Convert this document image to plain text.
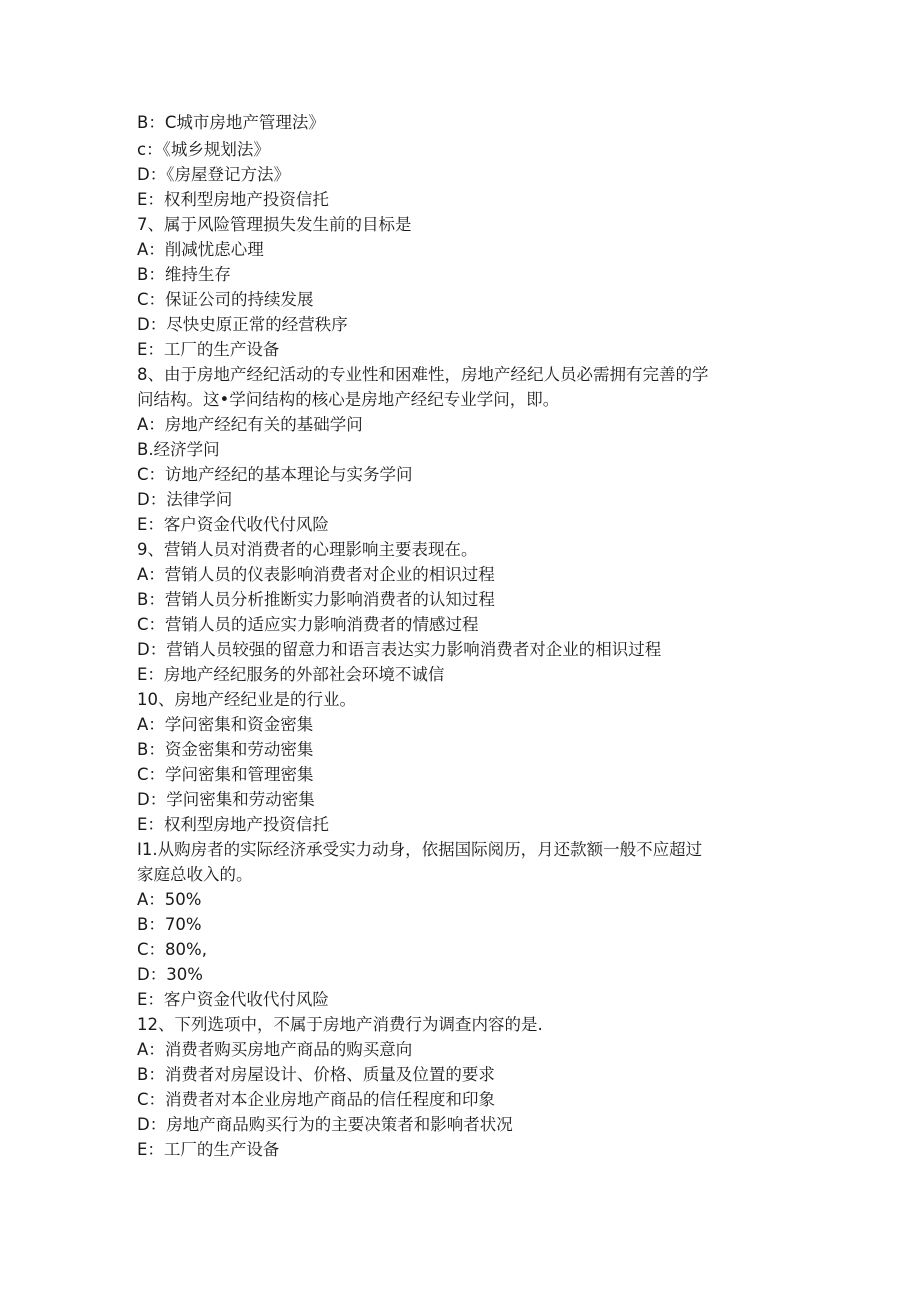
B：C城市房地产管理法》
c：《城乡规划法》
D：《房屋登记方法》
E：权利型房地产投资信托
7、属于风险管理损失发生前的目标是
A：削减忧虑心理
B：维持生存
C：保证公司的持续发展
D：尽快史原正常的经营秩序
E：工厂的生产设备
8、由于房地产经纪活动的专业性和困难性，房地产经纪人员必需拥有完善的学
问结构。这•学问结构的核心是房地产经纪专业学问，即。
A：房地产经纪有关的基础学问
B.经济学问
C：访地产经纪的基本理论与实务学问
D：法律学问
E：客户资金代收代付风险
9、营销人员对消费者的心理影响主要表现在。
A：营销人员的仪表影响消费者对企业的相识过程
B：营销人员分析推断实力影响消费者的认知过程
C：营销人员的适应实力影响消费者的情感过程
D：营销人员较强的留意力和语言表达实力影响消费者对企业的相识过程
E：房地产经纪服务的外部社会环境不诚信
10、房地产经纪业是的行业。
A：学问密集和资金密集
B：资金密集和劳动密集
C：学问密集和管理密集
D：学问密集和劳动密集
E：权利型房地产投资信托
I1.从购房者的实际经济承受实力动身，依据国际阅历，月还款额一般不应超过
家庭总收入的。
A：50%
B：70%
C：80%,
D：30%
E：客户资金代收代付风险
12、下列选项中，不属于房地产消费行为调查内容的是.
A：消费者购买房地产商品的购买意向
B：消费者对房屋设计、价格、质量及位置的要求
C：消费者对本企业房地产商品的信任程度和印象
D：房地产商品购买行为的主要决策者和影响者状况
E：工厂的生产设备
